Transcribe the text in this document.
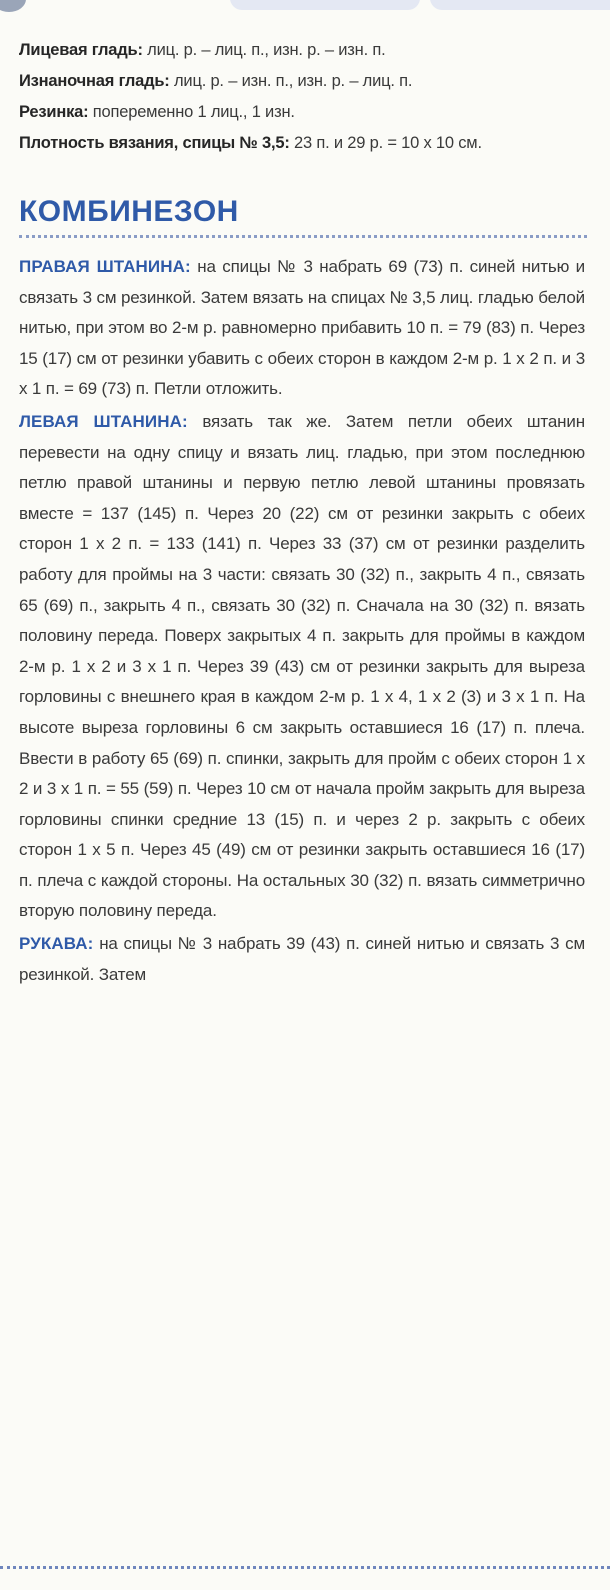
Лицевая гладь: лиц. р. – лиц. п., изн. р. – изн. п.

Изнаночная гладь: лиц. р. – изн. п., изн. р. – лиц. п.

Резинка: попеременно 1 лиц., 1 изн.

Плотность вязания, спицы № 3,5: 23 п. и 29 р. = 10 х 10 см.

КОМБИНЕЗОН

ПРАВАЯ ШТАНИНА: на спицы № 3 набрать 69 (73) п. синей нитью и связать 3 см резинкой. Затем вязать на спицах № 3,5 лиц. гладью белой нитью, при этом во 2-м р. равномерно прибавить 10 п. = 79 (83) п. Через 15 (17) см от резинки убавить с обеих сторон в каждом 2-м р. 1 х 2 п. и 3 х 1 п. = 69 (73) п. Петли отложить.

ЛЕВАЯ ШТАНИНА: вязать так же. Затем петли обеих штанин перевести на одну спицу и вязать лиц. гладью, при этом последнюю петлю правой штанины и первую петлю левой штанины провязать вместе = 137 (145) п. Через 20 (22) см от резинки закрыть с обеих сторон 1 х 2 п. = 133 (141) п. Через 33 (37) см от резинки разделить работу для проймы на 3 части: связать 30 (32) п., закрыть 4 п., связать 65 (69) п., закрыть 4 п., связать 30 (32) п. Сначала на 30 (32) п. вязать половину переда. Поверх закрытых 4 п. закрыть для проймы в каждом 2-м р. 1 х 2 и 3 х 1 п. Через 39 (43) см от резинки закрыть для выреза горловины с внешнего края в каждом 2-м р. 1 х 4, 1 х 2 (3) и 3 х 1 п. На высоте выреза горловины 6 см закрыть оставшиеся 16 (17) п. плеча. Ввести в работу 65 (69) п. спинки, закрыть для пройм с обеих сторон 1 х 2 и 3 х 1 п. = 55 (59) п. Через 10 см от начала пройм закрыть для выреза горловины спинки средние 13 (15) п. и через 2 р. закрыть с обеих сторон 1 х 5 п. Через 45 (49) см от резинки закрыть оставшиеся 16 (17) п. плеча с каждой стороны. На остальных 30 (32) п. вязать симметрично вторую половину переда.

РУКАВА: на спицы № 3 набрать 39 (43) п. синей нитью и связать 3 см резинкой. Затем
